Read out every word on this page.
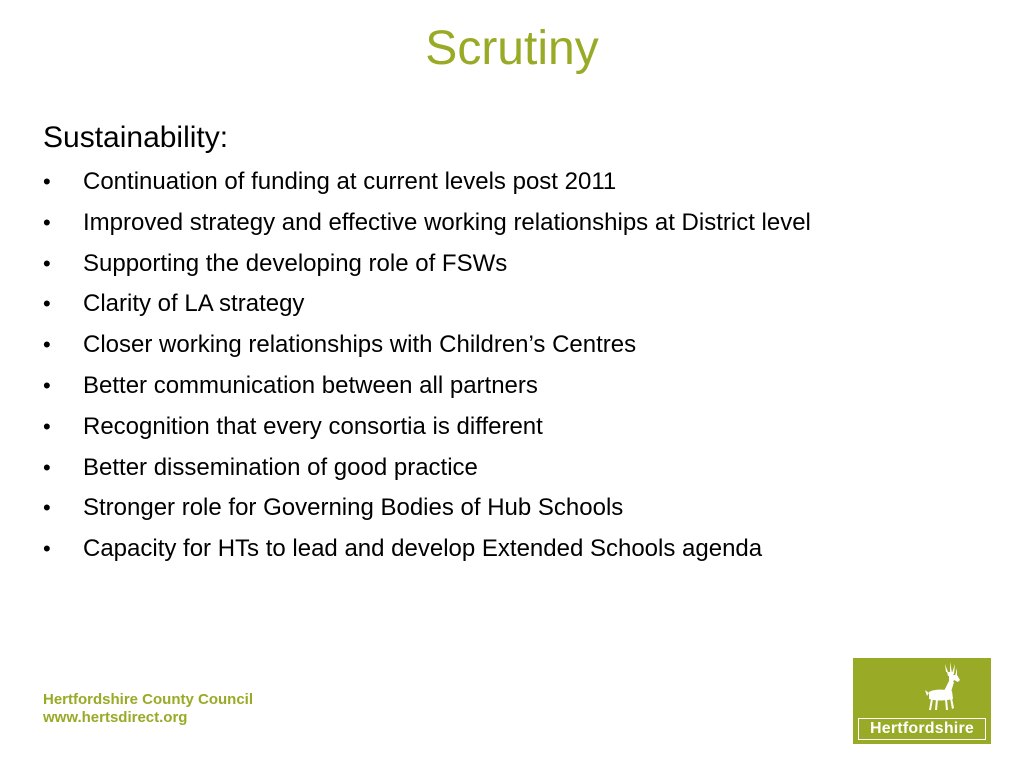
Scrutiny
Sustainability:
•	Continuation of funding at current levels post 2011
•	Improved strategy and effective working relationships at District level
•	Supporting the developing role of FSWs
•	Clarity of LA strategy
•	Closer working relationships with Children’s Centres
•	Better communication between all partners
•	Recognition that every consortia is different
•	Better dissemination of good practice
•	Stronger role for Governing Bodies of Hub Schools
•	Capacity for HTs to lead and develop Extended Schools agenda
Hertfordshire County Council
www.hertsdirect.org
Hertfordshire
